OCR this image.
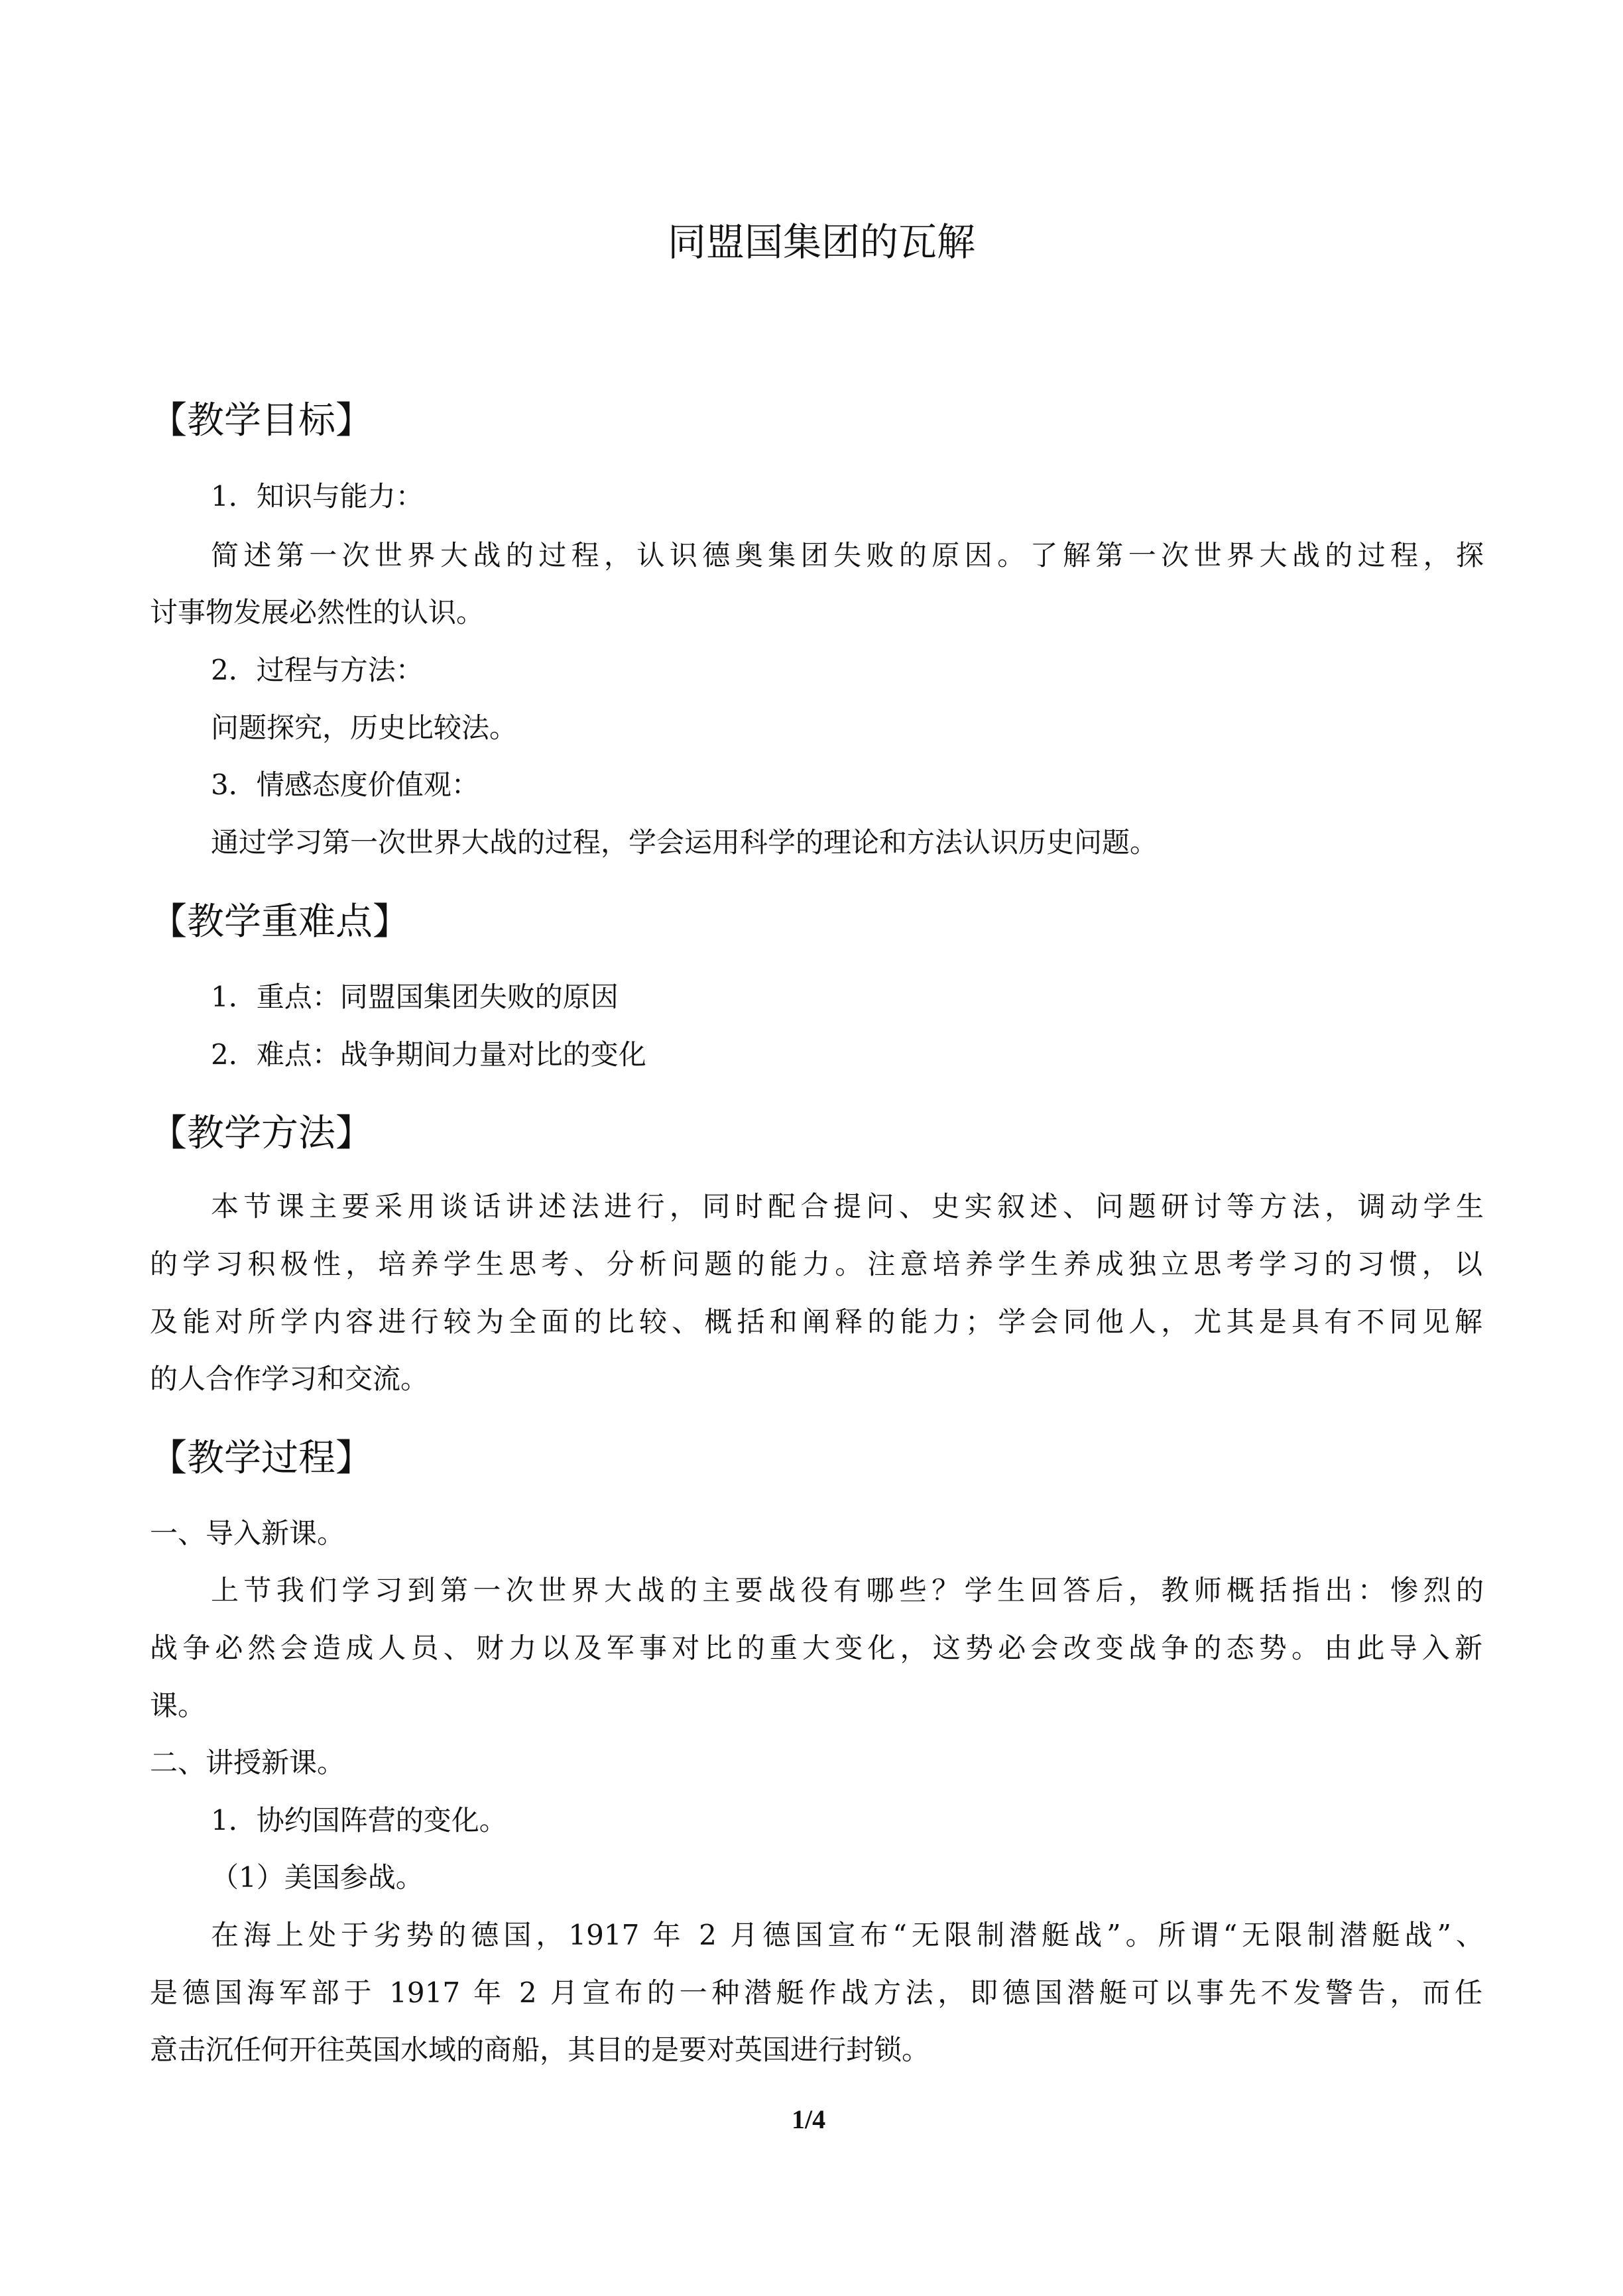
同盟国集团的瓦解
【教学目标】
1．知识与能力：
简述第一次世界大战的过程，认识德奥集团失败的原因。了解第一次世界大战的过程，探
讨事物发展必然性的认识。
2．过程与方法：
问题探究，历史比较法。
3．情感态度价值观：
通过学习第一次世界大战的过程，学会运用科学的理论和方法认识历史问题。
【教学重难点】
1．重点：同盟国集团失败的原因
2．难点：战争期间力量对比的变化
【教学方法】
本节课主要采用谈话讲述法进行，同时配合提问、史实叙述、问题研讨等方法，调动学生
的学习积极性，培养学生思考、分析问题的能力。注意培养学生养成独立思考学习的习惯，以
及能对所学内容进行较为全面的比较、概括和阐释的能力；学会同他人，尤其是具有不同见解
的人合作学习和交流。
【教学过程】
一、导入新课。
上节我们学习到第一次世界大战的主要战役有哪些？学生回答后，教师概括指出：惨烈的
战争必然会造成人员、财力以及军事对比的重大变化，这势必会改变战争的态势。由此导入新
课。
二、讲授新课。
1．协约国阵营的变化。
（1）美国参战。
在海上处于劣势的德国，1917 年 2 月德国宣布“无限制潜艇战”。所谓“无限制潜艇战”、
是德国海军部于 1917 年 2 月宣布的一种潜艇作战方法，即德国潜艇可以事先不发警告，而任
意击沉任何开往英国水域的商船，其目的是要对英国进行封锁。
1/4
